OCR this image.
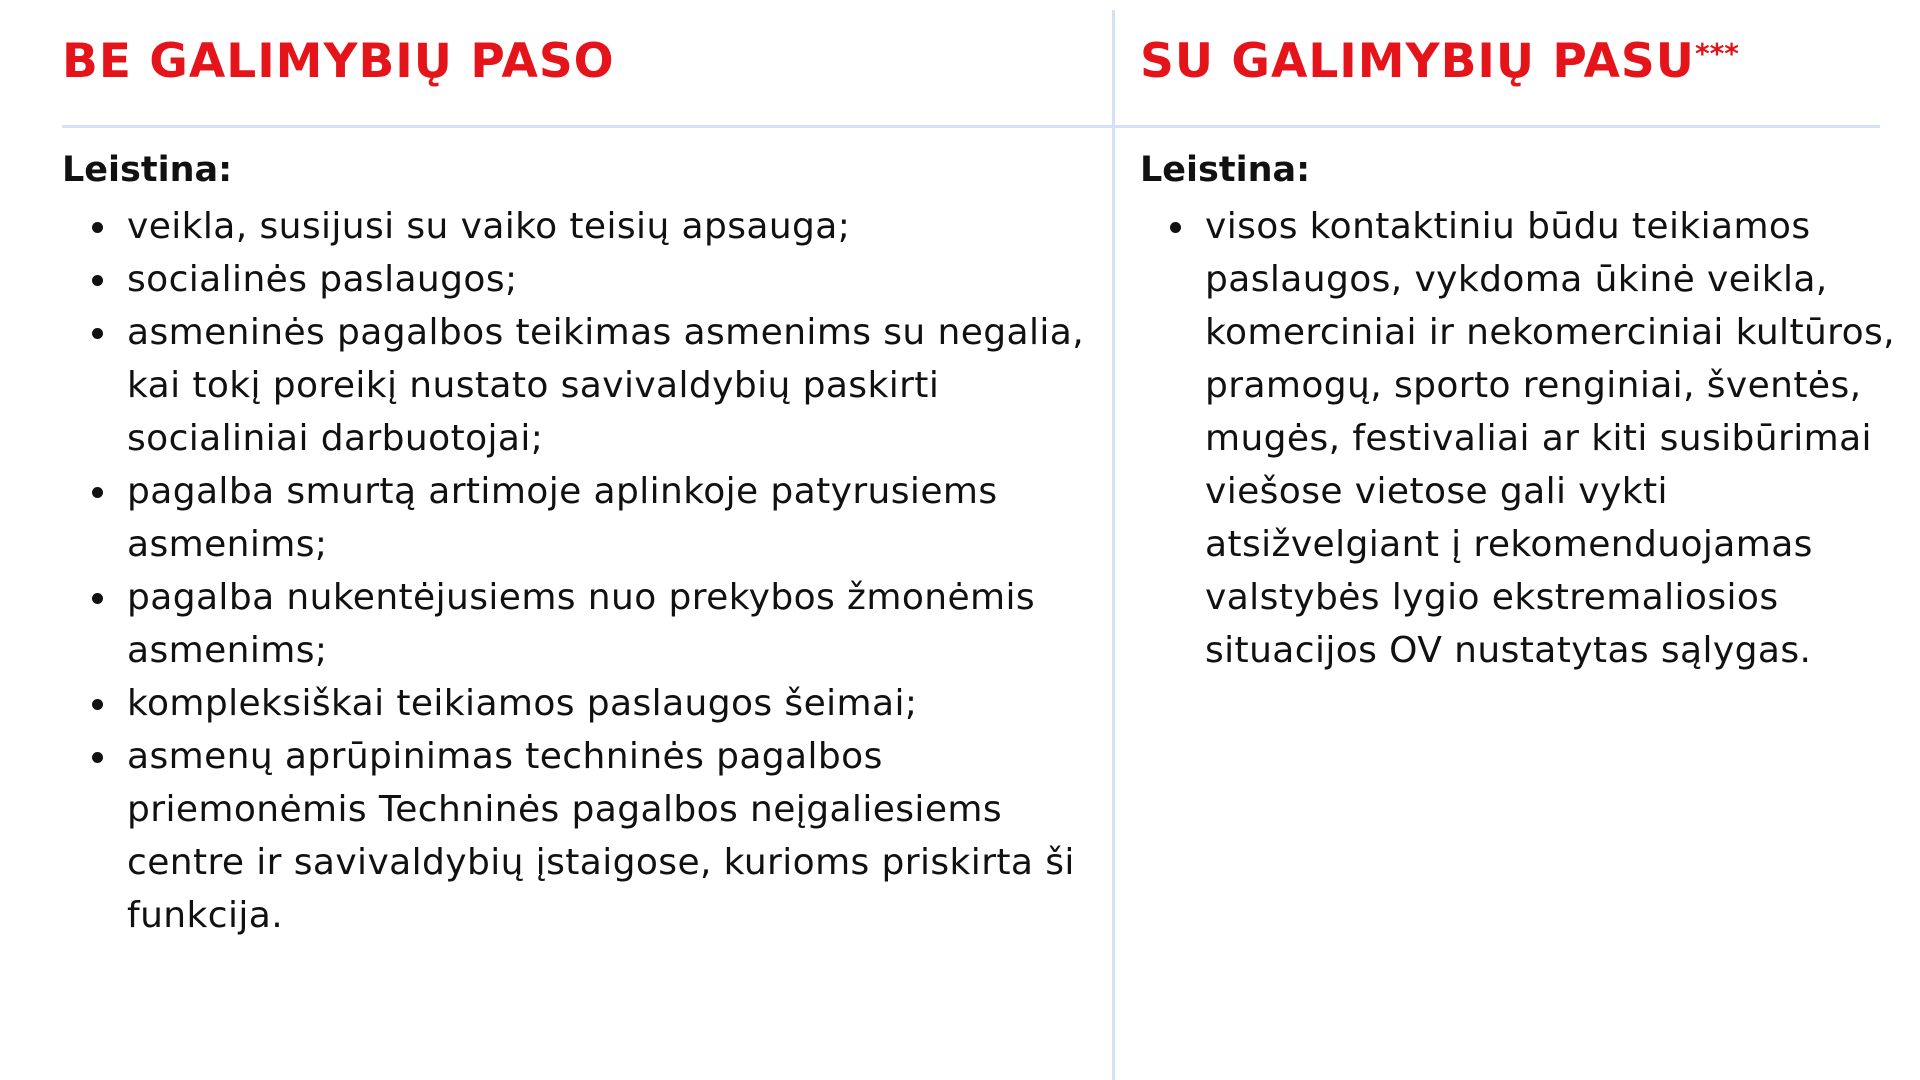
BE GALIMYBIŲ PASO

Leistina:

veikla, susijusi su vaiko teisių apsauga;
socialinės paslaugos;
asmeninės pagalbos teikimas asmenims su negalia, kai tokį poreikį nustato savivaldybių paskirti socialiniai darbuotojai;
pagalba smurtą artimoje aplinkoje patyrusiems asmenims;
pagalba nukentėjusiems nuo prekybos žmonėmis asmenims;
kompleksiškai teikiamos paslaugos šeimai;
asmenų aprūpinimas techninės pagalbos priemonėmis Techninės pagalbos neįgaliesiems centre ir savivaldybių įstaigose, kurioms priskirta ši funkcija.
SU GALIMYBIŲ PASU***

Leistina:

visos kontaktiniu būdu teikiamos paslaugos, vykdoma ūkinė veikla, komerciniai ir nekomerciniai kultūros, pramogų, sporto renginiai, šventės, mugės, festivaliai ar kiti susibūrimai viešose vietose gali vykti atsižvelgiant į rekomenduojamas valstybės lygio ekstremaliosios situacijos OV nustatytas sąlygas.
